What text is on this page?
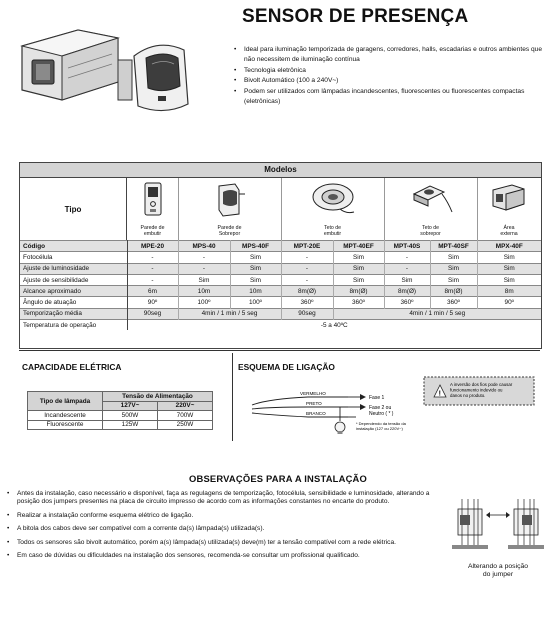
SENSOR DE PRESENÇA
• Ideal para iluminação temporizada de garagens, corredores, halls, escadarias e outros ambientes que não necessitem de iluminação contínua
• Tecnologia eletrônica
• Bivolt Automático (100 a 240V~)
• Podem ser utilizados com lâmpadas incandescentes, fluorescentes ou fluorescentes compactas (eletrônicas)
Modelos
Tipo
Parede de
embutir
Parede de
Sobrepor
Teto de
embutir
Teto de
sobrepor
Área
externa
Código	MPE-20	MPS-40	MPS-40F	MPT-20E	MPT-40EF	MPT-40S	MPT-40SF	MPX-40F
Fotocélula	-	-	Sim	-	Sim	-	Sim	Sim
Ajuste de luminosidade	-	-	Sim	-	Sim	-	Sim	Sim
Ajuste de sensibilidade	-	Sim	Sim	-	Sim	Sim	Sim	Sim
Alcance aproximado	6m	10m	10m	8m(Ø)	8m(Ø)	8m(Ø)	8m(Ø)	8m
Ângulo de atuação	90º	100º	100º	360º	360º	360º	360º	90º
Temporização média	90seg	4min / 1 min / 5 seg		90seg	4min / 1 min / 5 seg			
Temperatura de operação	-5 a 40ºC							
CAPACIDADE ELÉTRICA
Tipo de lâmpada	Tensão de Alimentação	
	127V~	220V~
Incandescente	500W	700W
Fluorescente	125W	250W
ESQUEMA DE LIGAÇÃO
VERMELHO
PRETO
BRANCO
Fase 1
Fase 2 ou
Neutro ( * )
* Dependendo da tensão da
instalação (127 ou 220V~)
!
A inversão dos fios pode causar
funcionamento indevido ou
danos no produto.
OBSERVAÇÕES PARA A INSTALAÇÃO
• Antes da instalação, caso necessário e disponível, faça as regulagens de temporização, fotocélula, sensibilidade e luminosidade, alterando a posição dos jumpers presentes na placa de circuito impresso de acordo com as informações constantes no encarte do produto.
• Realizar a instalação conforme esquema elétrico de ligação.
• A bitola dos cabos deve ser compatível com a corrente da(s) lâmpada(s) utilizada(s).
• Todos os sensores são bivolt automático, porém a(s) lâmpada(s) utilizada(s) deve(m) ter a tensão compatível com a rede elétrica.
• Em caso de dúvidas ou dificuldades na instalação dos sensores, recomenda-se consultar um profissional qualificado.
Alterando a posição
do jumper
